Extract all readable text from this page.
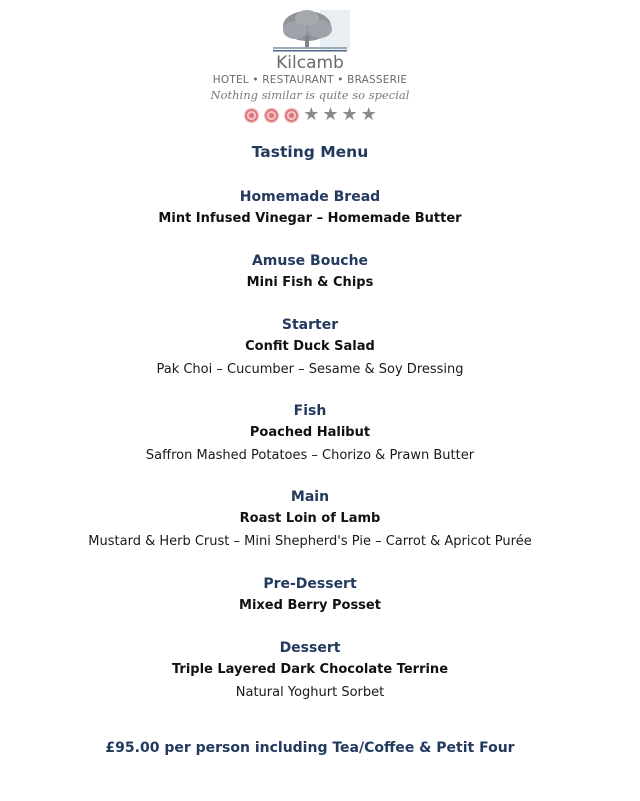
Kilcamb
HOTEL • RESTAURANT • BRASSERIE
Nothing similar is quite so special
★ ★ ★ ★
Tasting Menu
Homemade Bread
Mint Infused Vinegar – Homemade Butter
Amuse Bouche
Mini Fish & Chips
Starter
Confit Duck Salad
Pak Choi – Cucumber – Sesame & Soy Dressing
Fish
Poached Halibut
Saffron Mashed Potatoes – Chorizo & Prawn Butter
Main
Roast Loin of Lamb
Mustard & Herb Crust – Mini Shepherd's Pie – Carrot & Apricot Purée
Pre-Dessert
Mixed Berry Posset
Dessert
Triple Layered Dark Chocolate Terrine
Natural Yoghurt Sorbet
£95.00 per person including Tea/Coffee & Petit Four
